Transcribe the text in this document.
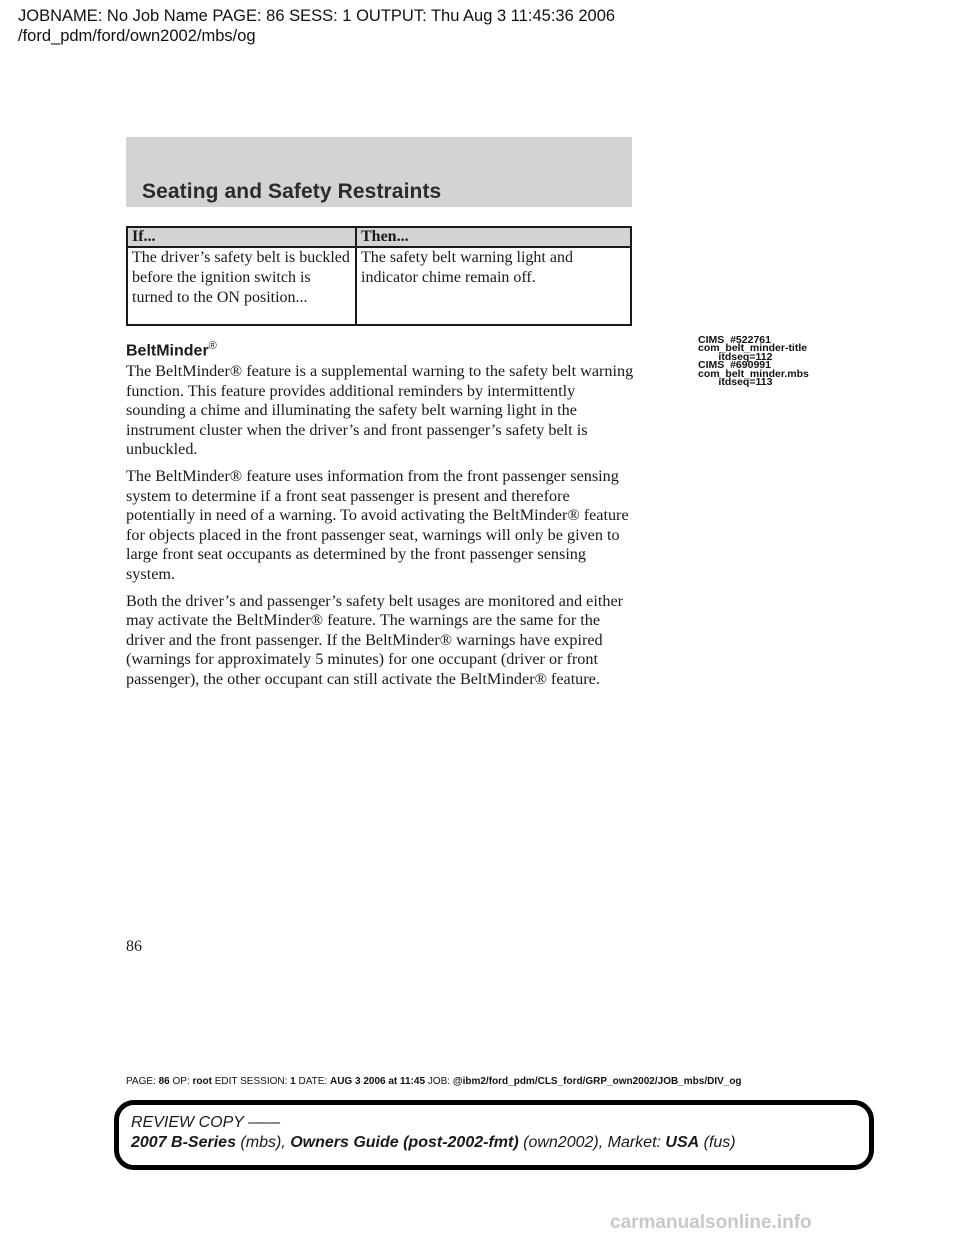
JOBNAME: No Job Name PAGE: 86 SESS: 1 OUTPUT: Thu Aug 3 11:45:36 2006
/ford_pdm/ford/own2002/mbs/og
Seating and Safety Restraints
If...	Then...
The driver’s safety belt is buckled before the ignition switch is turned to the ON position...	The safety belt warning light and indicator chime remain off.
BeltMinder®	CIMS  #522761
com_belt_minder-title
itdseq=112
CIMS  #690991
com_belt_minder.mbs
itdseq=113

The BeltMinder® feature is a supplemental warning to the safety belt warning function. This feature provides additional reminders by intermittently sounding a chime and illuminating the safety belt warning light in the instrument cluster when the driver’s and front passenger’s safety belt is unbuckled.

The BeltMinder® feature uses information from the front passenger sensing system to determine if a front seat passenger is present and therefore potentially in need of a warning. To avoid activating the BeltMinder® feature for objects placed in the front passenger seat, warnings will only be given to large front seat occupants as determined by the front passenger sensing system.

Both the driver’s and passenger’s safety belt usages are monitored and either may activate the BeltMinder® feature. The warnings are the same for the driver and the front passenger. If the BeltMinder® warnings have expired (warnings for approximately 5 minutes) for one occupant (driver or front passenger), the other occupant can still activate the BeltMinder® feature.

86
PAGE: 86 OP: root EDIT SESSION: 1 DATE: AUG 3 2006 at 11:45 JOB: @ibm2/ford_pdm/CLS_ford/GRP_own2002/JOB_mbs/DIV_og
REVIEW COPY ——
2007 B-Series (mbs), Owners Guide (post-2002-fmt) (own2002), Market: USA (fus)
carmanualsonline.info
